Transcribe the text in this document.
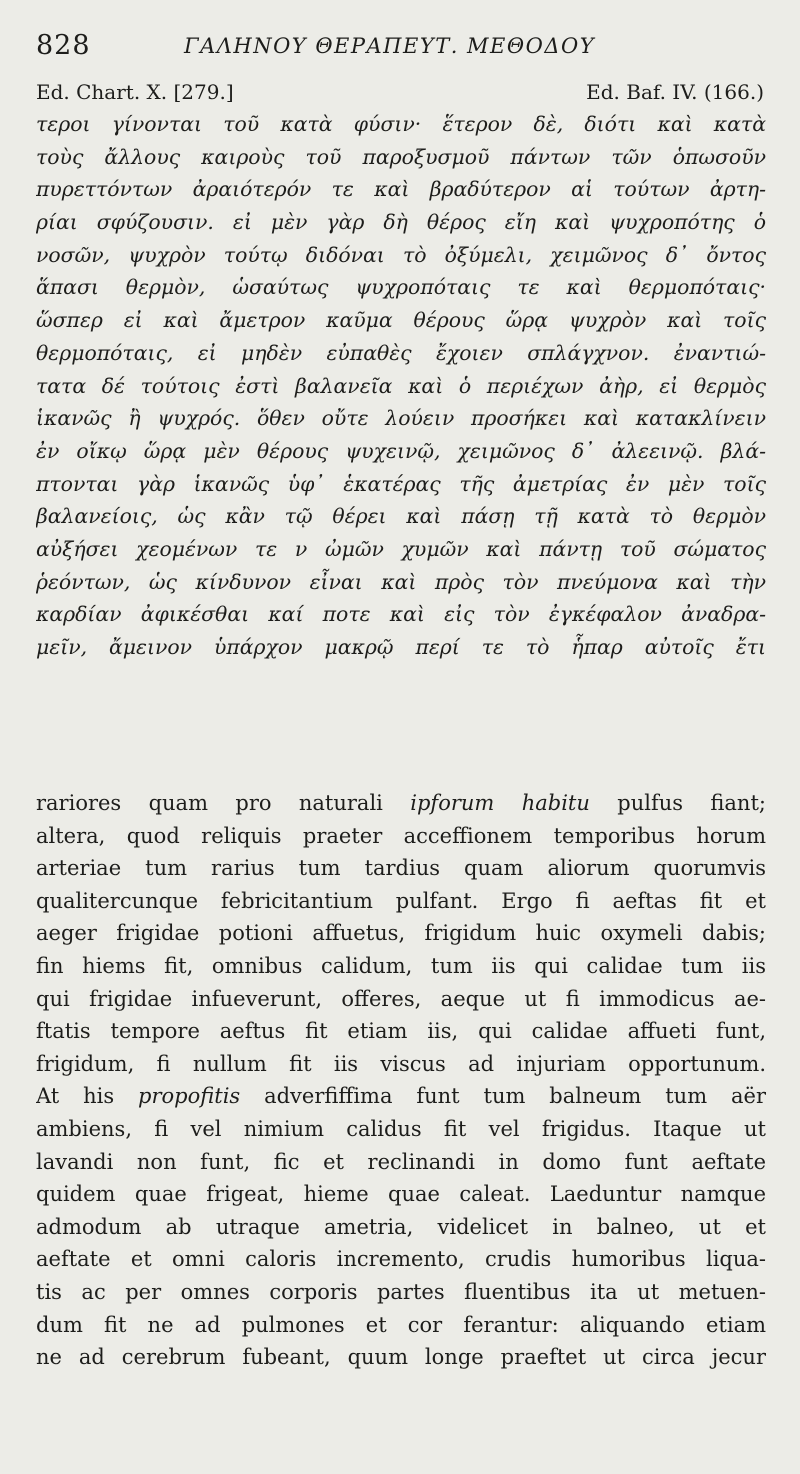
828	ΓΑΛΗΝΟΥ ΘΕΡΑΠΕΥΤ. ΜΕΘΟΔΟΥ
Ed. Chart. X. [279.]	Ed. Baf. IV. (166.)
τεροι γίνονται τοῦ κατὰ φύσιν· ἕτερον δὲ, διότι καὶ κατὰ
τοὺς ἄλλους καιροὺς τοῦ παροξυσμοῦ πάντων τῶν ὁπωσοῦν
πυρεττόντων ἀραιότερόν τε καὶ βραδύτερον αἱ τούτων ἀρτη-
ρίαι σφύζουσιν. εἰ μὲν γὰρ δὴ θέρος εἴη καὶ ψυχροπότης ὁ
νοσῶν, ψυχρὸν τούτῳ διδόναι τὸ ὀξύμελι, χειμῶνος δ᾽ ὄντος
ἅπασι θερμὸν, ὡσαύτως ψυχροπόταις τε καὶ θερμοπόταις·
ὥσπερ εἰ καὶ ἄμετρον καῦμα θέρους ὥρᾳ ψυχρὸν καὶ τοῖς
θερμοπόταις, εἰ μηδὲν εὐπαθὲς ἔχοιεν σπλάγχνον. ἐναντιώ-
τατα δέ τούτοις ἐστὶ βαλανεῖα καὶ ὁ περιέχων ἀὴρ, εἰ θερμὸς
ἱκανῶς ἢ ψυχρός. ὅθεν οὔτε λούειν προσήκει καὶ κατακλίνειν
ἐν οἴκῳ ὥρᾳ μὲν θέρους ψυχεινῷ, χειμῶνος δ᾽ ἀλεεινῷ. βλά-
πτονται γὰρ ἱκανῶς ὑφ᾽ ἑκατέρας τῆς ἀμετρίας ἐν μὲν τοῖς
βαλανείοις, ὡς κἂν τῷ θέρει καὶ πάσῃ τῇ κατὰ τὸ θερμὸν
αὐξήσει χεομένων τε ν ὠμῶν χυμῶν καὶ πάντῃ τοῦ σώματος
ῥεόντων, ὡς κίνδυνον εἶναι καὶ πρὸς τὸν πνεύμονα καὶ τὴν
καρδίαν ἀφικέσθαι καί ποτε καὶ εἰς τὸν ἐγκέφαλον ἀναδρα-
μεῖν, ἄμεινον ὑπάρχον μακρῷ περί τε τὸ ἧπαρ αὐτοῖς ἔτι
rariores quam pro naturali ipforum habitu pulfus fiant;
altera, quod reliquis praeter acceffionem temporibus horum
arteriae tum rarius tum tardius quam aliorum quorumvis
qualitercunque febricitantium pulfant. Ergo fi aeftas fit et
aeger frigidae potioni affuetus, frigidum huic oxymeli dabis;
fin hiems fit, omnibus calidum, tum iis qui calidae tum iis
qui frigidae infueverunt, offeres, aeque ut fi immodicus ae-
ftatis tempore aeftus fit etiam iis, qui calidae affueti funt,
frigidum, fi nullum fit iis viscus ad injuriam opportunum.
At his propofitis adverfiffima funt tum balneum tum aër
ambiens, fi vel nimium calidus fit vel frigidus. Itaque ut
lavandi non funt, fic et reclinandi in domo funt aeftate
quidem quae frigeat, hieme quae caleat. Laeduntur namque
admodum ab utraque ametria, videlicet in balneo, ut et
aeftate et omni caloris incremento, crudis humoribus liqua-
tis ac per omnes corporis partes fluentibus ita ut metuen-
dum fit ne ad pulmones et cor ferantur: aliquando etiam
ne ad cerebrum fubeant, quum longe praeftet ut circa jecur
